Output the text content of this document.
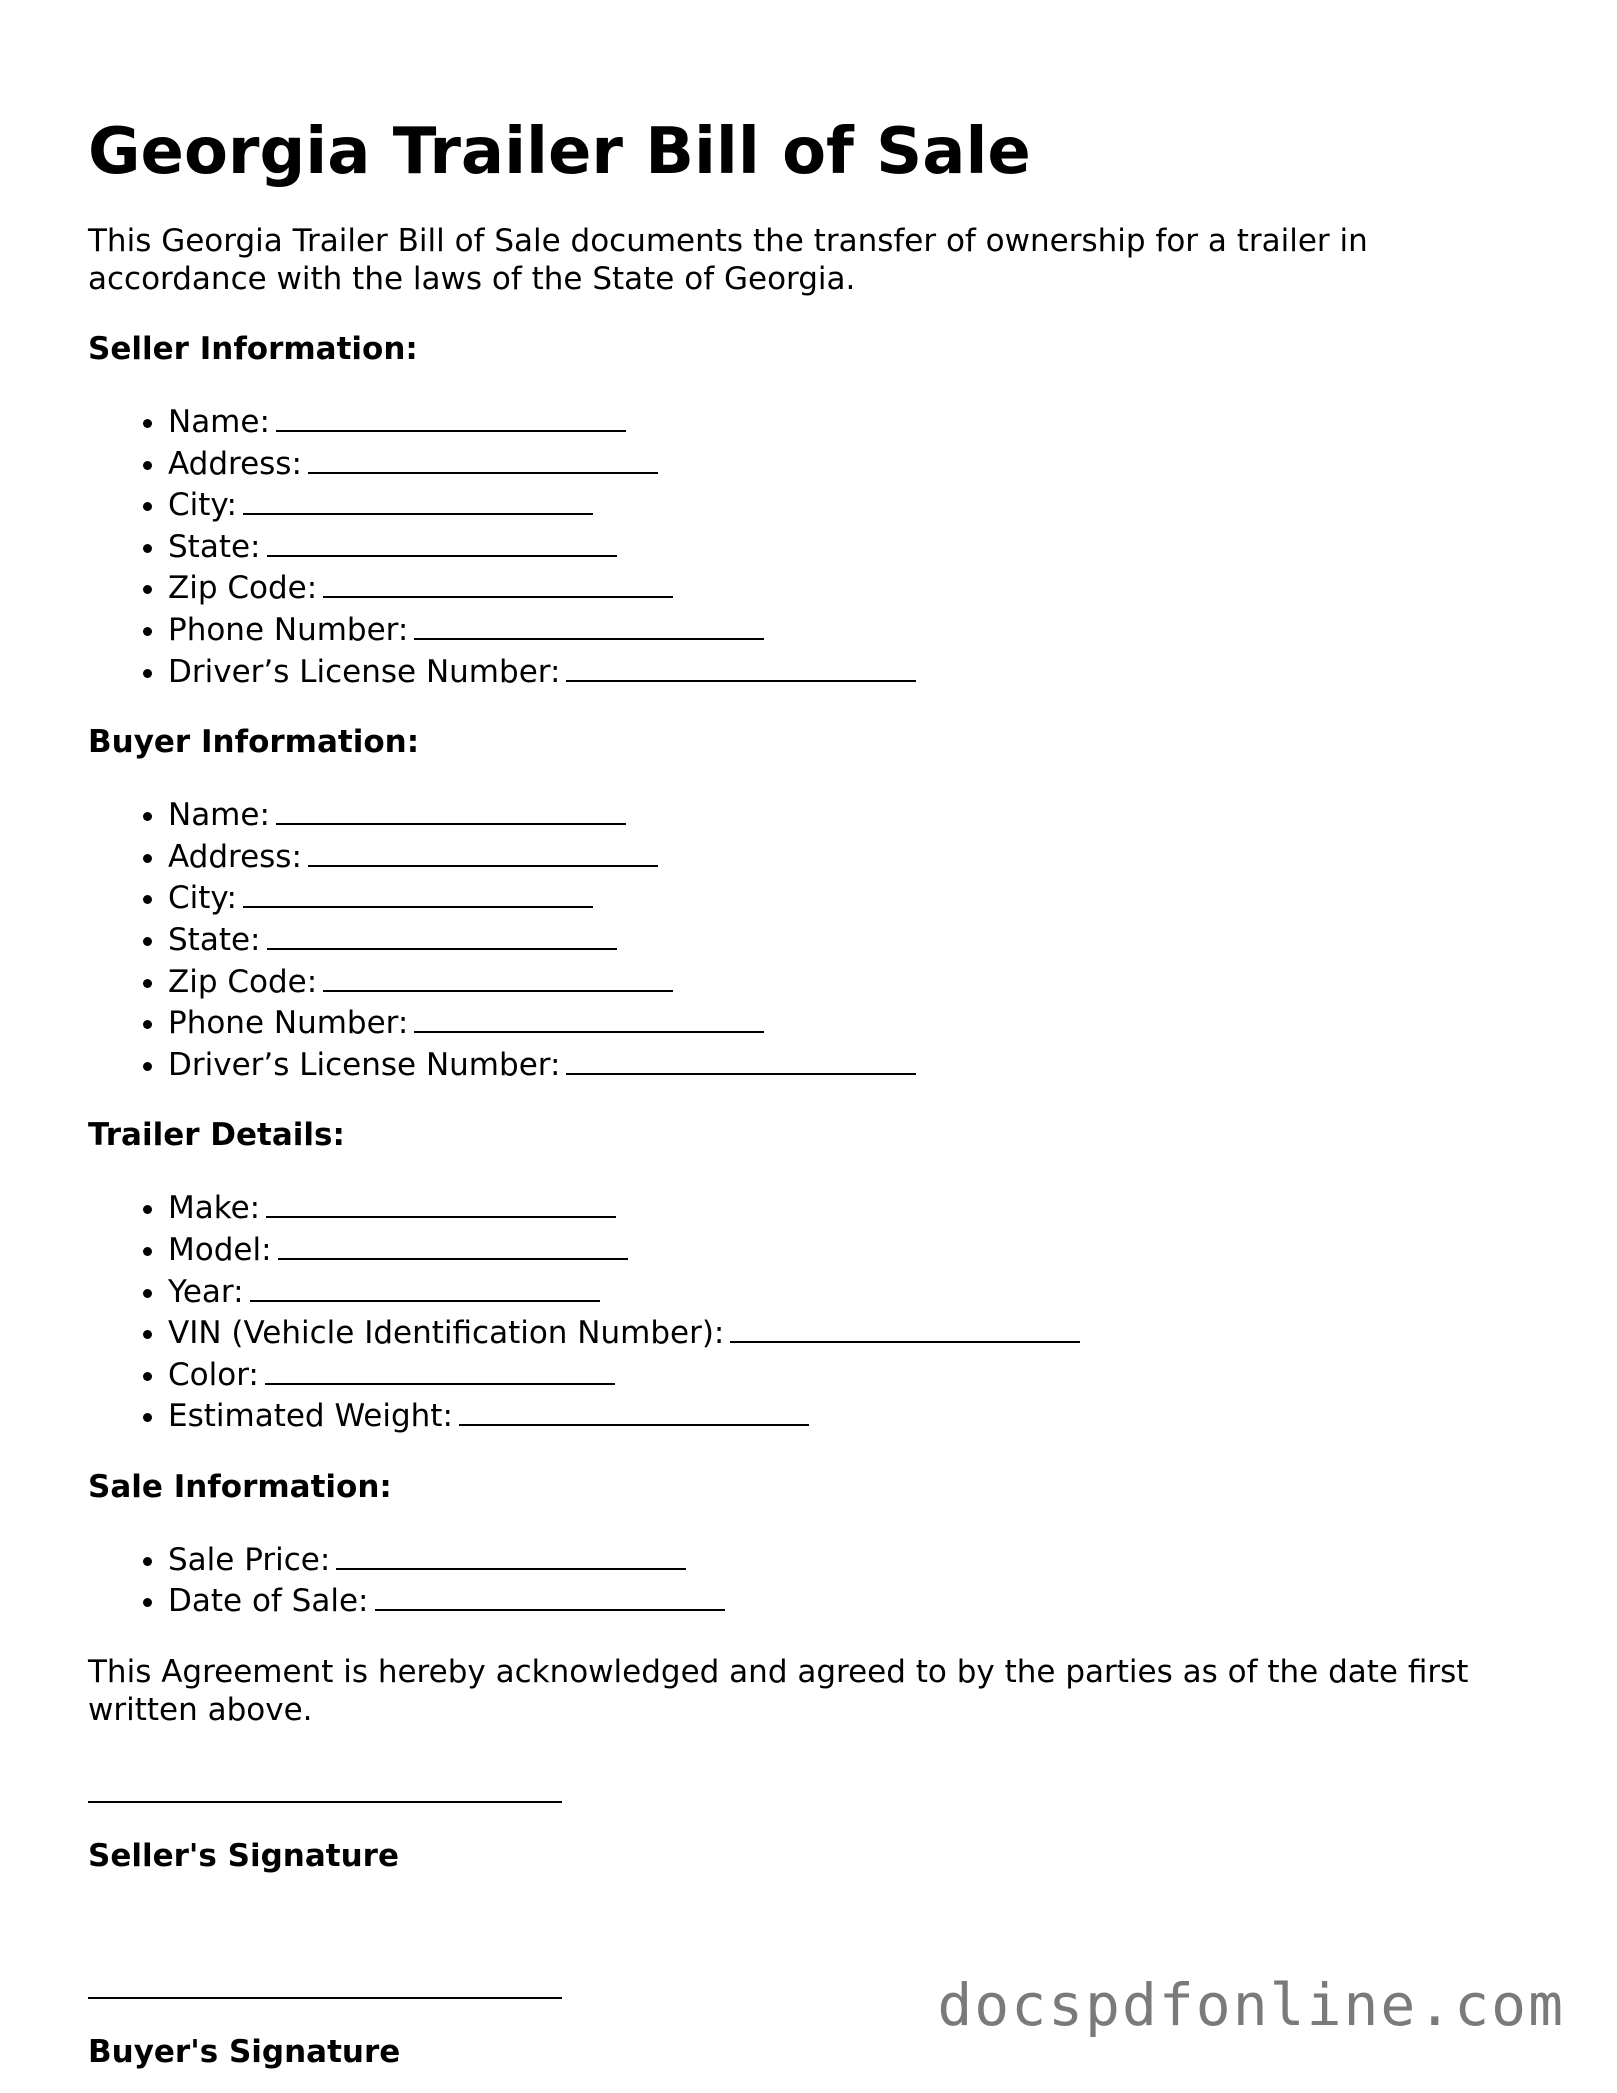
Georgia Trailer Bill of Sale

This Georgia Trailer Bill of Sale documents the transfer of ownership for a trailer in accordance with the laws of the State of Georgia.

Seller Information:
• Name:
• Address:
• City:
• State:
• Zip Code:
• Phone Number:
• Driver’s License Number:
Buyer Information:
• Name:
• Address:
• City:
• State:
• Zip Code:
• Phone Number:
• Driver’s License Number:
Trailer Details:
• Make:
• Model:
• Year:
• VIN (Vehicle Identification Number):
• Color:
• Estimated Weight:
Sale Information:
• Sale Price:
• Date of Sale:

This Agreement is hereby acknowledged and agreed to by the parties as of the date first written above.

Seller's Signature
Buyer's Signature
docspdfonline.com
